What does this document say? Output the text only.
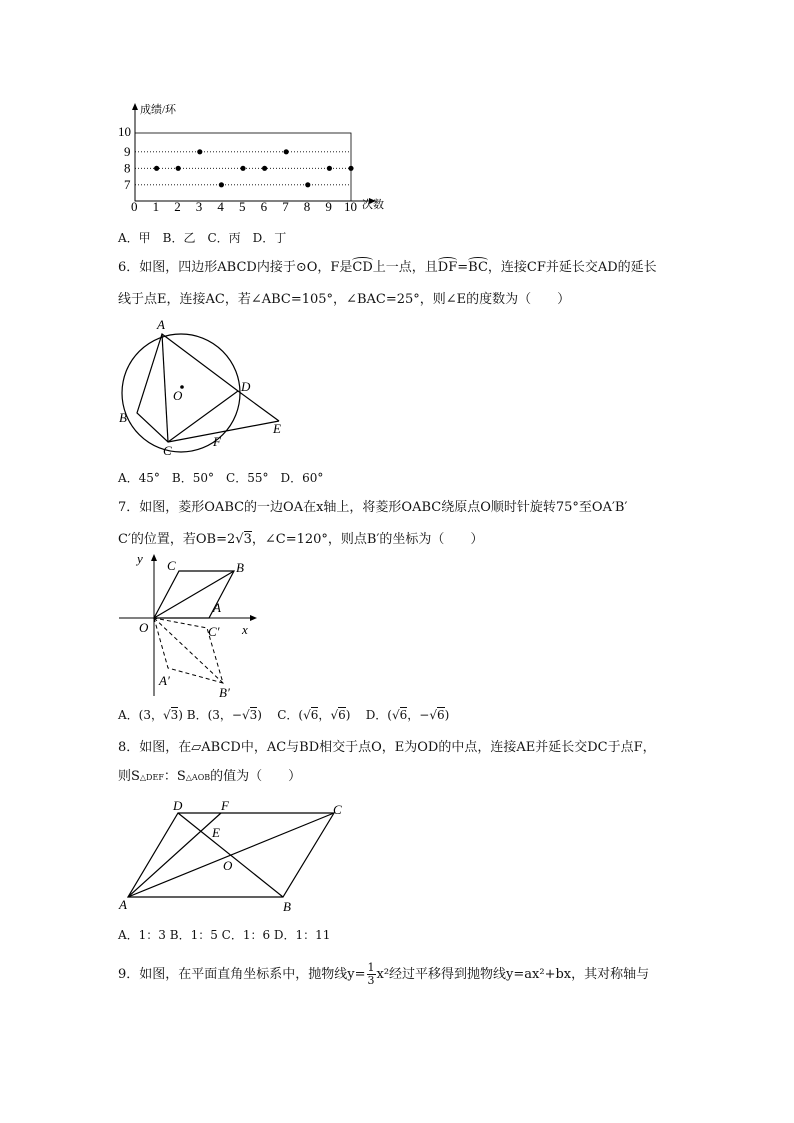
0 1 2 3 4 5 6 7 8 9 10
7
8
9
10
成绩/环
次数
A．甲　B．乙　C．丙　D．丁
6．如图，四边形ABCD内接于⊙O，F是
CD上一点，且
DF=
BC，连接CF并延长交AD的延长
线于点E，连接AC，若∠ABC=105°，∠BAC=25°，则∠E的度数为（　　）
A
B
C
D
E
F
O
A．45°　B．50°　C．55°　D．60°
7．如图，菱形OABC的一边OA在x轴上，将菱形OABC绕原点O顺时针旋转75°至OA′B′
C′的位置，若OB=2√3，∠C=120°，则点B′的坐标为（　　）
y
x
O
A
B
C
A′
B′
C′
A．(3，√3) B．(3，−√3) C．(√6，√6) D．(√6，−√6)
8．如图，在▱ABCD中，AC与BD相交于点O，E为OD的中点，连接AE并延长交DC于点F，
则S△DEF：S△AOB的值为（　　）
A	B
C
D	F
E
O
A．1：3 B．1：5 C．1：6 D．1：11
9．如图，在平面直角坐标系中，抛物线$y= \frac{1}{3} x^2$经过平移得到抛物线y=ax²+bx，其对称轴与
